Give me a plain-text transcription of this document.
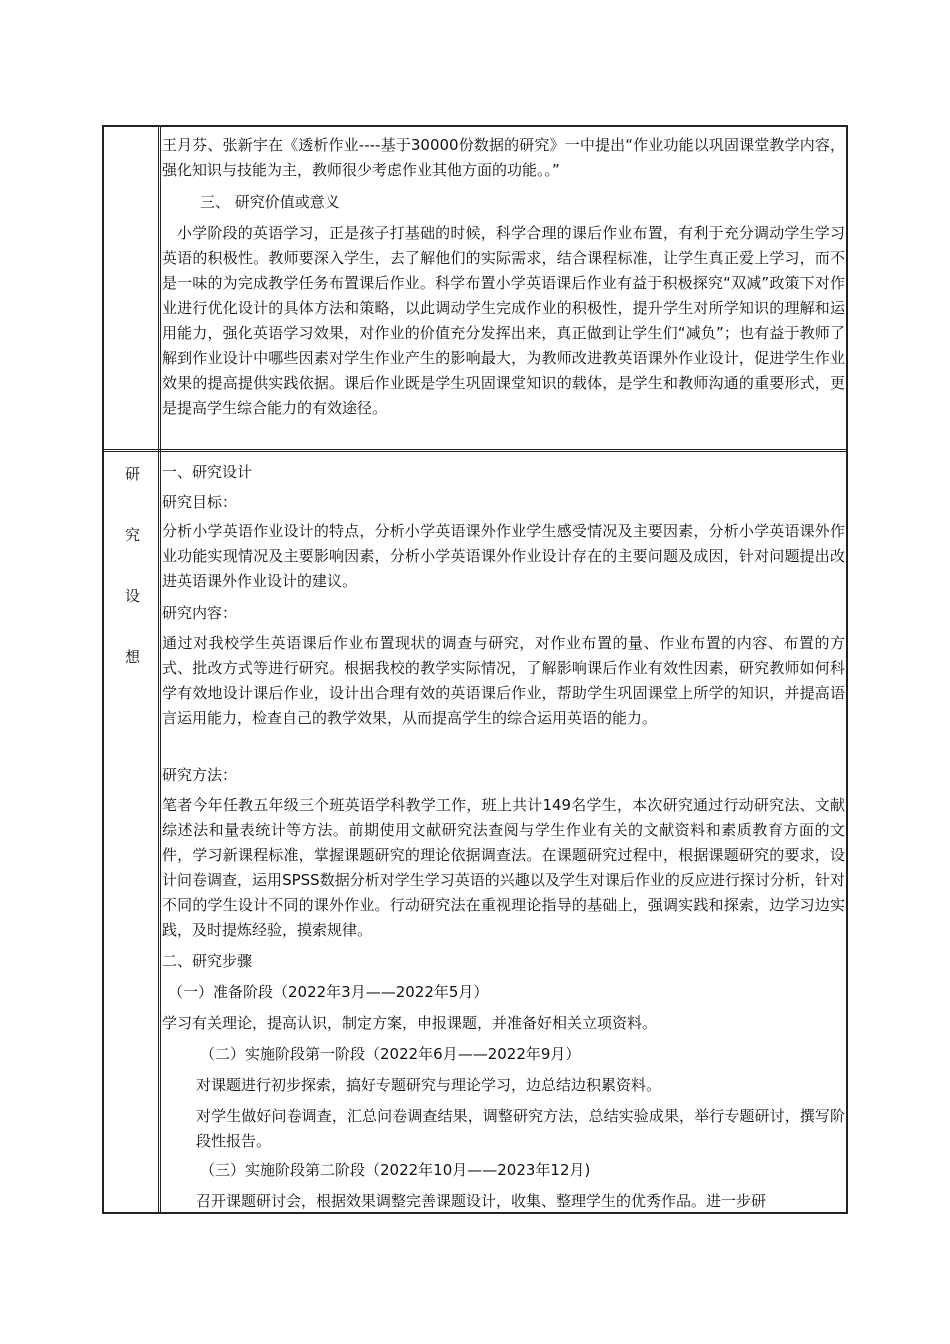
王月芬、张新宇在《透析作业----基于30000份数据的研究》一中提出“作业功能以巩固课堂教学内容，强化知识与技能为主，教师很少考虑作业其他方面的功能。。”

三、 研究价值或意义

小学阶段的英语学习，正是孩子打基础的时候，科学合理的课后作业布置，有利于充分调动学生学习英语的积极性。教师要深入学生，去了解他们的实际需求，结合课程标准，让学生真正爱上学习，而不是一味的为完成教学任务布置课后作业。科学布置小学英语课后作业有益于积极探究“双减”政策下对作业进行优化设计的具体方法和策略，以此调动学生完成作业的积极性，提升学生对所学知识的理解和运用能力，强化英语学习效果，对作业的价值充分发挥出来，真正做到让学生们“减负”；也有益于教师了解到作业设计中哪些因素对学生作业产生的影响最大，为教师改进教英语课外作业设计，促进学生作业效果的提高提供实践依据。课后作业既是学生巩固课堂知识的载体，是学生和教师沟通的重要形式，更是提高学生综合能力的有效途径。

研
究
设
想

一、研究设计

研究目标：

分析小学英语作业设计的特点，分析小学英语课外作业学生感受情况及主要因素，分析小学英语课外作业功能实现情况及主要影响因素，分析小学英语课外作业设计存在的主要问题及成因，针对问题提出改进英语课外作业设计的建议。

研究内容：

通过对我校学生英语课后作业布置现状的调查与研究，对作业布置的量、作业布置的内容、布置的方式、批改方式等进行研究。根据我校的教学实际情况，了解影响课后作业有效性因素，研究教师如何科学有效地设计课后作业，设计出合理有效的英语课后作业，帮助学生巩固课堂上所学的知识，并提高语言运用能力，检查自己的教学效果，从而提高学生的综合运用英语的能力。

研究方法：

笔者今年任教五年级三个班英语学科教学工作，班上共计149名学生，本次研究通过行动研究法、文献综述法和量表统计等方法。前期使用文献研究法查阅与学生作业有关的文献资料和素质教育方面的文件，学习新课程标准，掌握课题研究的理论依据调查法。在课题研究过程中，根据课题研究的要求，设计问卷调查，运用SPSS数据分析对学生学习英语的兴趣以及学生对课后作业的反应进行探讨分析，针对不同的学生设计不同的课外作业。行动研究法在重视理论指导的基础上，强调实践和探索，边学习边实践，及时提炼经验，摸索规律。

二、研究步骤

（一）准备阶段（2022年3月——2022年5月）

学习有关理论，提高认识，制定方案，申报课题，并准备好相关立项资料。

（二）实施阶段第一阶段（2022年6月——2022年9月）

对课题进行初步探索，搞好专题研究与理论学习，边总结边积累资料。

对学生做好问卷调查，汇总问卷调查结果，调整研究方法，总结实验成果，举行专题研讨，撰写阶段性报告。

（三）实施阶段第二阶段（2022年10月——2023年12月)

召开课题研讨会，根据效果调整完善课题设计，收集、整理学生的优秀作品。进一步研
